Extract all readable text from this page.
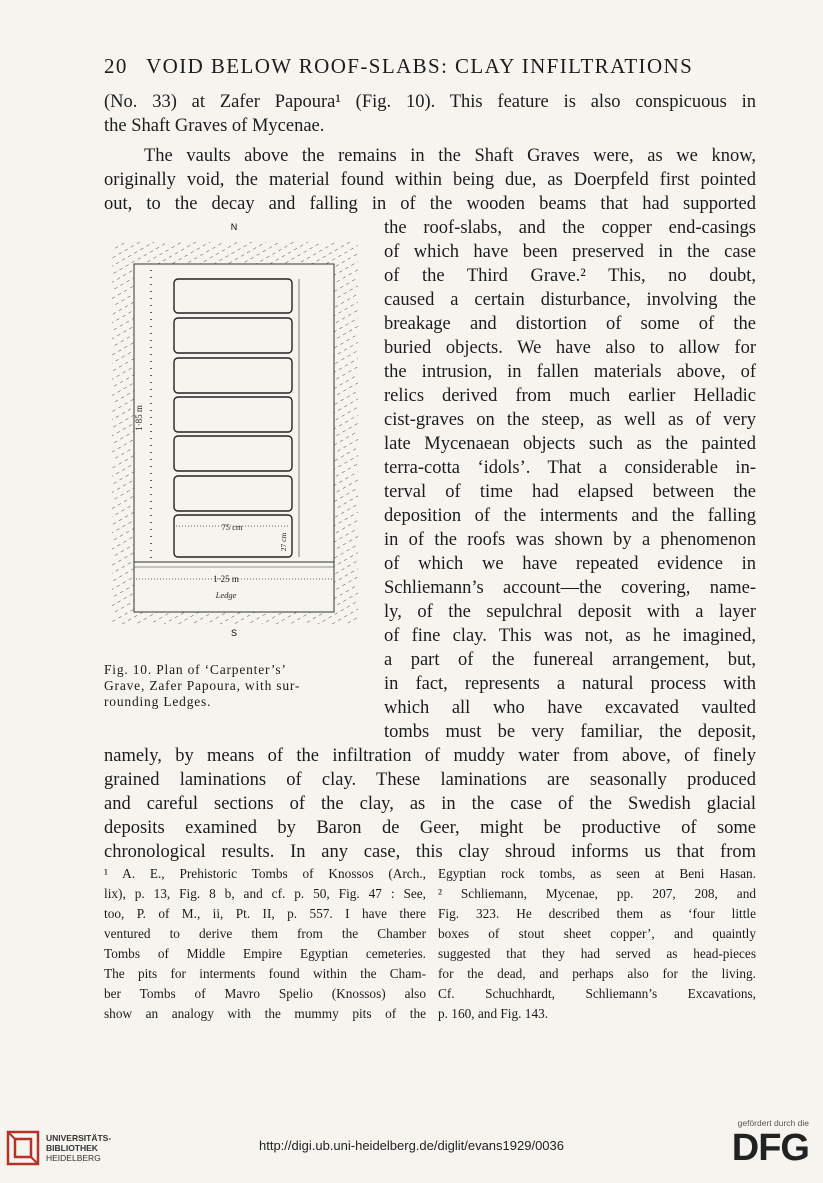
20 VOID BELOW ROOF-SLABS: CLAY INFILTRATIONS
(No. 33) at Zafer Papoura¹ (Fig. 10). This feature is also conspicuous in
the Shaft Graves of Mycenae.
The vaults above the remains in the Shaft Graves were, as we know,
originally void, the material found within being due, as Doerpfeld first pointed
out, to the decay and falling in of the wooden beams that had supported
the roof-slabs, and the copper end-casings
of which have been preserved in the case
of the Third Grave.² This, no doubt,
caused a certain disturbance, involving the
breakage and distortion of some of the
buried objects. We have also to allow for
the intrusion, in fallen materials above, of
relics derived from much earlier Helladic
cist-graves on the steep, as well as of very
late Mycenaean objects such as the painted
terra-cotta ‘idols’. That a considerable in-
terval of time had elapsed between the
deposition of the interments and the falling
in of the roofs was shown by a phenomenon
of which we have repeated evidence in
Schliemann’s account—the covering, name-
ly, of the sepulchral deposit with a layer
of fine clay. This was not, as he imagined,
a part of the funereal arrangement, but,
in fact, represents a natural process with
which all who have excavated vaulted
tombs must be very familiar, the deposit,
namely, by means of the infiltration of muddy water from above, of finely
grained laminations of clay. These laminations are seasonally produced
and careful sections of the clay, as in the case of the Swedish glacial
deposits examined by Baron de Geer, might be productive of some
chronological results. In any case, this clay shroud informs us that from
N
75 cm
27 cm
1·85 m
1·25 m
Ledge
S
Fig. 10. Plan of ‘Carpenter’s’
Grave, Zafer Papoura, with sur-
rounding Ledges.
¹ A. E., Prehistoric Tombs of Knossos (Arch.,
lix), p. 13, Fig. 8 b, and cf. p. 50, Fig. 47 : See,
too, P. of M., ii, Pt. II, p. 557. I have there
ventured to derive them from the Chamber
Tombs of Middle Empire Egyptian cemeteries.
The pits for interments found within the Cham-
ber Tombs of Mavro Spelio (Knossos) also
show an analogy with the mummy pits of the
Egyptian rock tombs, as seen at Beni Hasan.
² Schliemann, Mycenae, pp. 207, 208, and
Fig. 323. He described them as ‘four little
boxes of stout sheet copper’, and quaintly
suggested that they had served as head-pieces
for the dead, and perhaps also for the living.
Cf. Schuchhardt, Schliemann’s Excavations,
p. 160, and Fig. 143.
UNIVERSITÄTS-
BIBLIOTHEK
HEIDELBERG
http://digi.ub.uni-heidelberg.de/diglit/evans1929/0036
gefördert durch die
DFG
